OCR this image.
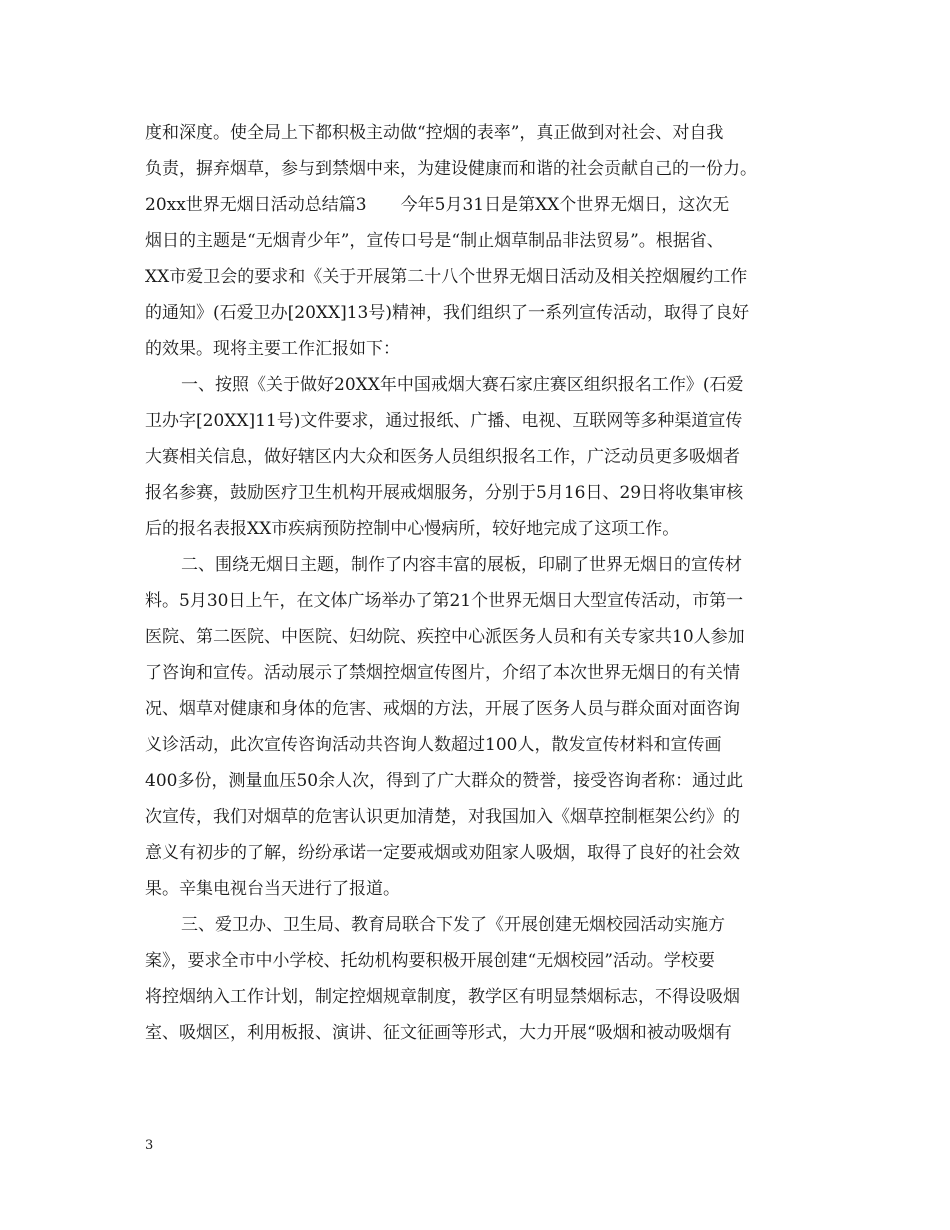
度和深度。使全局上下都积极主动做“控烟的表率”，真正做到对社会、对自我
负责，摒弃烟草，参与到禁烟中来，为建设健康而和谐的社会贡献自己的一份力。
20xx世界无烟日活动总结篇3　　今年5月31日是第XX个世界无烟日，这次无
烟日的主题是“无烟青少年”，宣传口号是“制止烟草制品非法贸易”。根据省、
XX市爱卫会的要求和《关于开展第二十八个世界无烟日活动及相关控烟履约工作
的通知》(石爱卫办[20XX]13号)精神，我们组织了一系列宣传活动，取得了良好
的效果。现将主要工作汇报如下：
一、按照《关于做好20XX年中国戒烟大赛石家庄赛区组织报名工作》(石爱
卫办字[20XX]11号)文件要求，通过报纸、广播、电视、互联网等多种渠道宣传
大赛相关信息，做好辖区内大众和医务人员组织报名工作，广泛动员更多吸烟者
报名参赛，鼓励医疗卫生机构开展戒烟服务，分别于5月16日、29日将收集审核
后的报名表报XX市疾病预防控制中心慢病所，较好地完成了这项工作。
二、围绕无烟日主题，制作了内容丰富的展板，印刷了世界无烟日的宣传材
料。5月30日上午，在文体广场举办了第21个世界无烟日大型宣传活动，市第一
医院、第二医院、中医院、妇幼院、疾控中心派医务人员和有关专家共10人参加
了咨询和宣传。活动展示了禁烟控烟宣传图片，介绍了本次世界无烟日的有关情
况、烟草对健康和身体的危害、戒烟的方法，开展了医务人员与群众面对面咨询
义诊活动，此次宣传咨询活动共咨询人数超过100人，散发宣传材料和宣传画
400多份，测量血压50余人次，得到了广大群众的赞誉，接受咨询者称：通过此
次宣传，我们对烟草的危害认识更加清楚，对我国加入《烟草控制框架公约》的
意义有初步的了解，纷纷承诺一定要戒烟或劝阻家人吸烟，取得了良好的社会效
果。辛集电视台当天进行了报道。
三、爱卫办、卫生局、教育局联合下发了《开展创建无烟校园活动实施方
案》，要求全市中小学校、托幼机构要积极开展创建“无烟校园”活动。学校要
将控烟纳入工作计划，制定控烟规章制度，教学区有明显禁烟标志，不得设吸烟
室、吸烟区，利用板报、演讲、征文征画等形式，大力开展“吸烟和被动吸烟有
3
